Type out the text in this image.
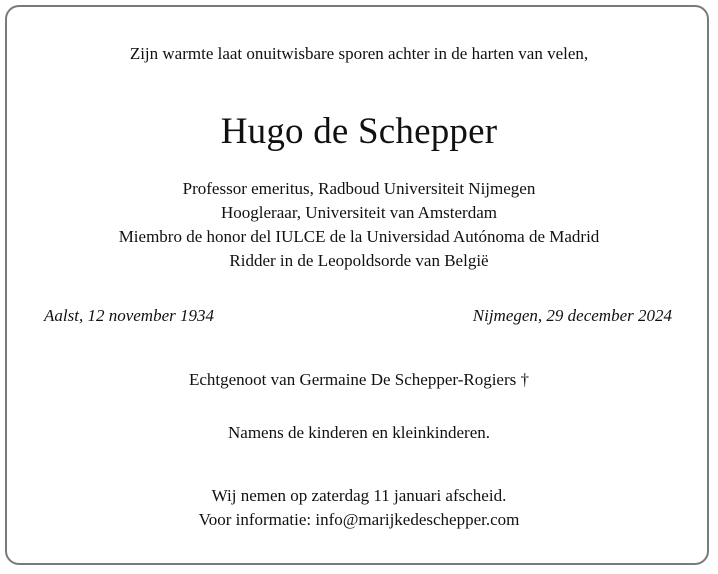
Zijn warmte laat onuitwisbare sporen achter in de harten van velen,
Hugo de Schepper
Professor emeritus, Radboud Universiteit Nijmegen
Hoogleraar, Universiteit van Amsterdam
Miembro de honor del IULCE de la Universidad Autónoma de Madrid
Ridder in de Leopoldsorde van België
Aalst, 12 november 1934	Nijmegen, 29 december 2024
Echtgenoot van Germaine De Schepper-Rogiers †
Namens de kinderen en kleinkinderen.
Wij nemen op zaterdag 11 januari afscheid.
Voor informatie: info@marijkedeschepper.com
